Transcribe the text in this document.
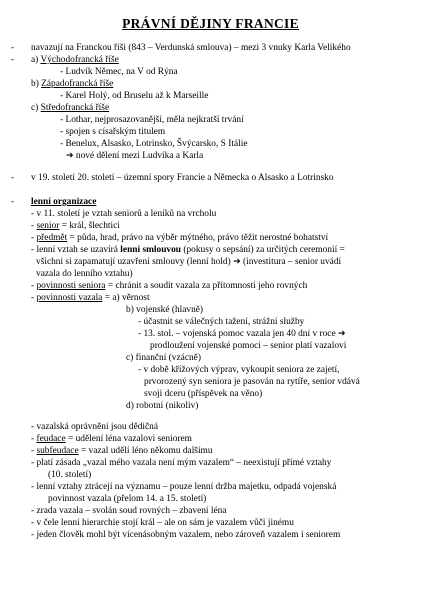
PRÁVNÍ DĚJINY FRANCIE
- navazují na Franckou říši (843 – Verdunská smlouva) – mezi 3 vnuky Karla Velikého
- a) Východofrancká říše
- Ludvík Němec, na V od Rýna
b) Západofrancká říše
- Karel Holý, od Bruselu až k Marseille
c) Středofrancká říše
- Lothar, nejprosazovanější, měla nejkratší trvání
- spojen s císařským titulem
- Benelux, Alsasko, Lotrinsko, Švýcarsko, S Itálie
➔ nové dělení mezi Ludvíka a Karla
- v 19. století 20. století – územní spory Francie a Německa o Alsasko a Lotrinsko
- lenní organizace
- v 11. století je vztah seniorů a leníků na vrcholu
- senior = král, šlechtici
- předmět = půda, hrad, právo na výběr mýtného, právo těžit nerostné bohatství
- lenní vztah se uzavírá lenní smlouvou (pokusy o sepsání) za určitých ceremonií =
všichni si zapamatují uzavření smlouvy (lenní hold) ➔ (investitura – senior uvádí
vazala do lenního vztahu)
- povinnosti seniora = chránit a soudit vazala za přítomnosti jeho rovných
- povinnosti vazala = a) věrnost
b) vojenské (hlavně)
- účastnit se válečných tažení, strážní služby
- 13. stol. – vojenská pomoc vazala jen 40 dní v roce ➔
prodloužení vojenské pomoci – senior platí vazalovi
c) finanční (vzácně)
- v době křížových výprav, vykoupit seniora ze zajetí,
prvorozený syn seniora je pasován na rytíře, senior vdává
svoji dceru (příspěvek na věno)
d) robotní (nikoliv)
- vazalská oprávnění jsou dědičná
- feudace = udělení léna vazalovi seniorem
- subfeudace = vazal udělí léno někomu dalšímu
- platí zásada „vazal mého vazala není mým vazalem“ – neexistují přímé vztahy
(10. století)
- lenní vztahy ztrácejí na významu – pouze lenní držba majetku, odpadá vojenská
povinnost vazala (přelom 14. a 15. století)
- zrada vazala – svolán soud rovných – zbavení léna
- v čele lenní hierarchie stojí král – ale on sám je vazalem vůči jinému
- jeden člověk mohl být vícenásobným vazalem, nebo zároveň vazalem i seniorem
